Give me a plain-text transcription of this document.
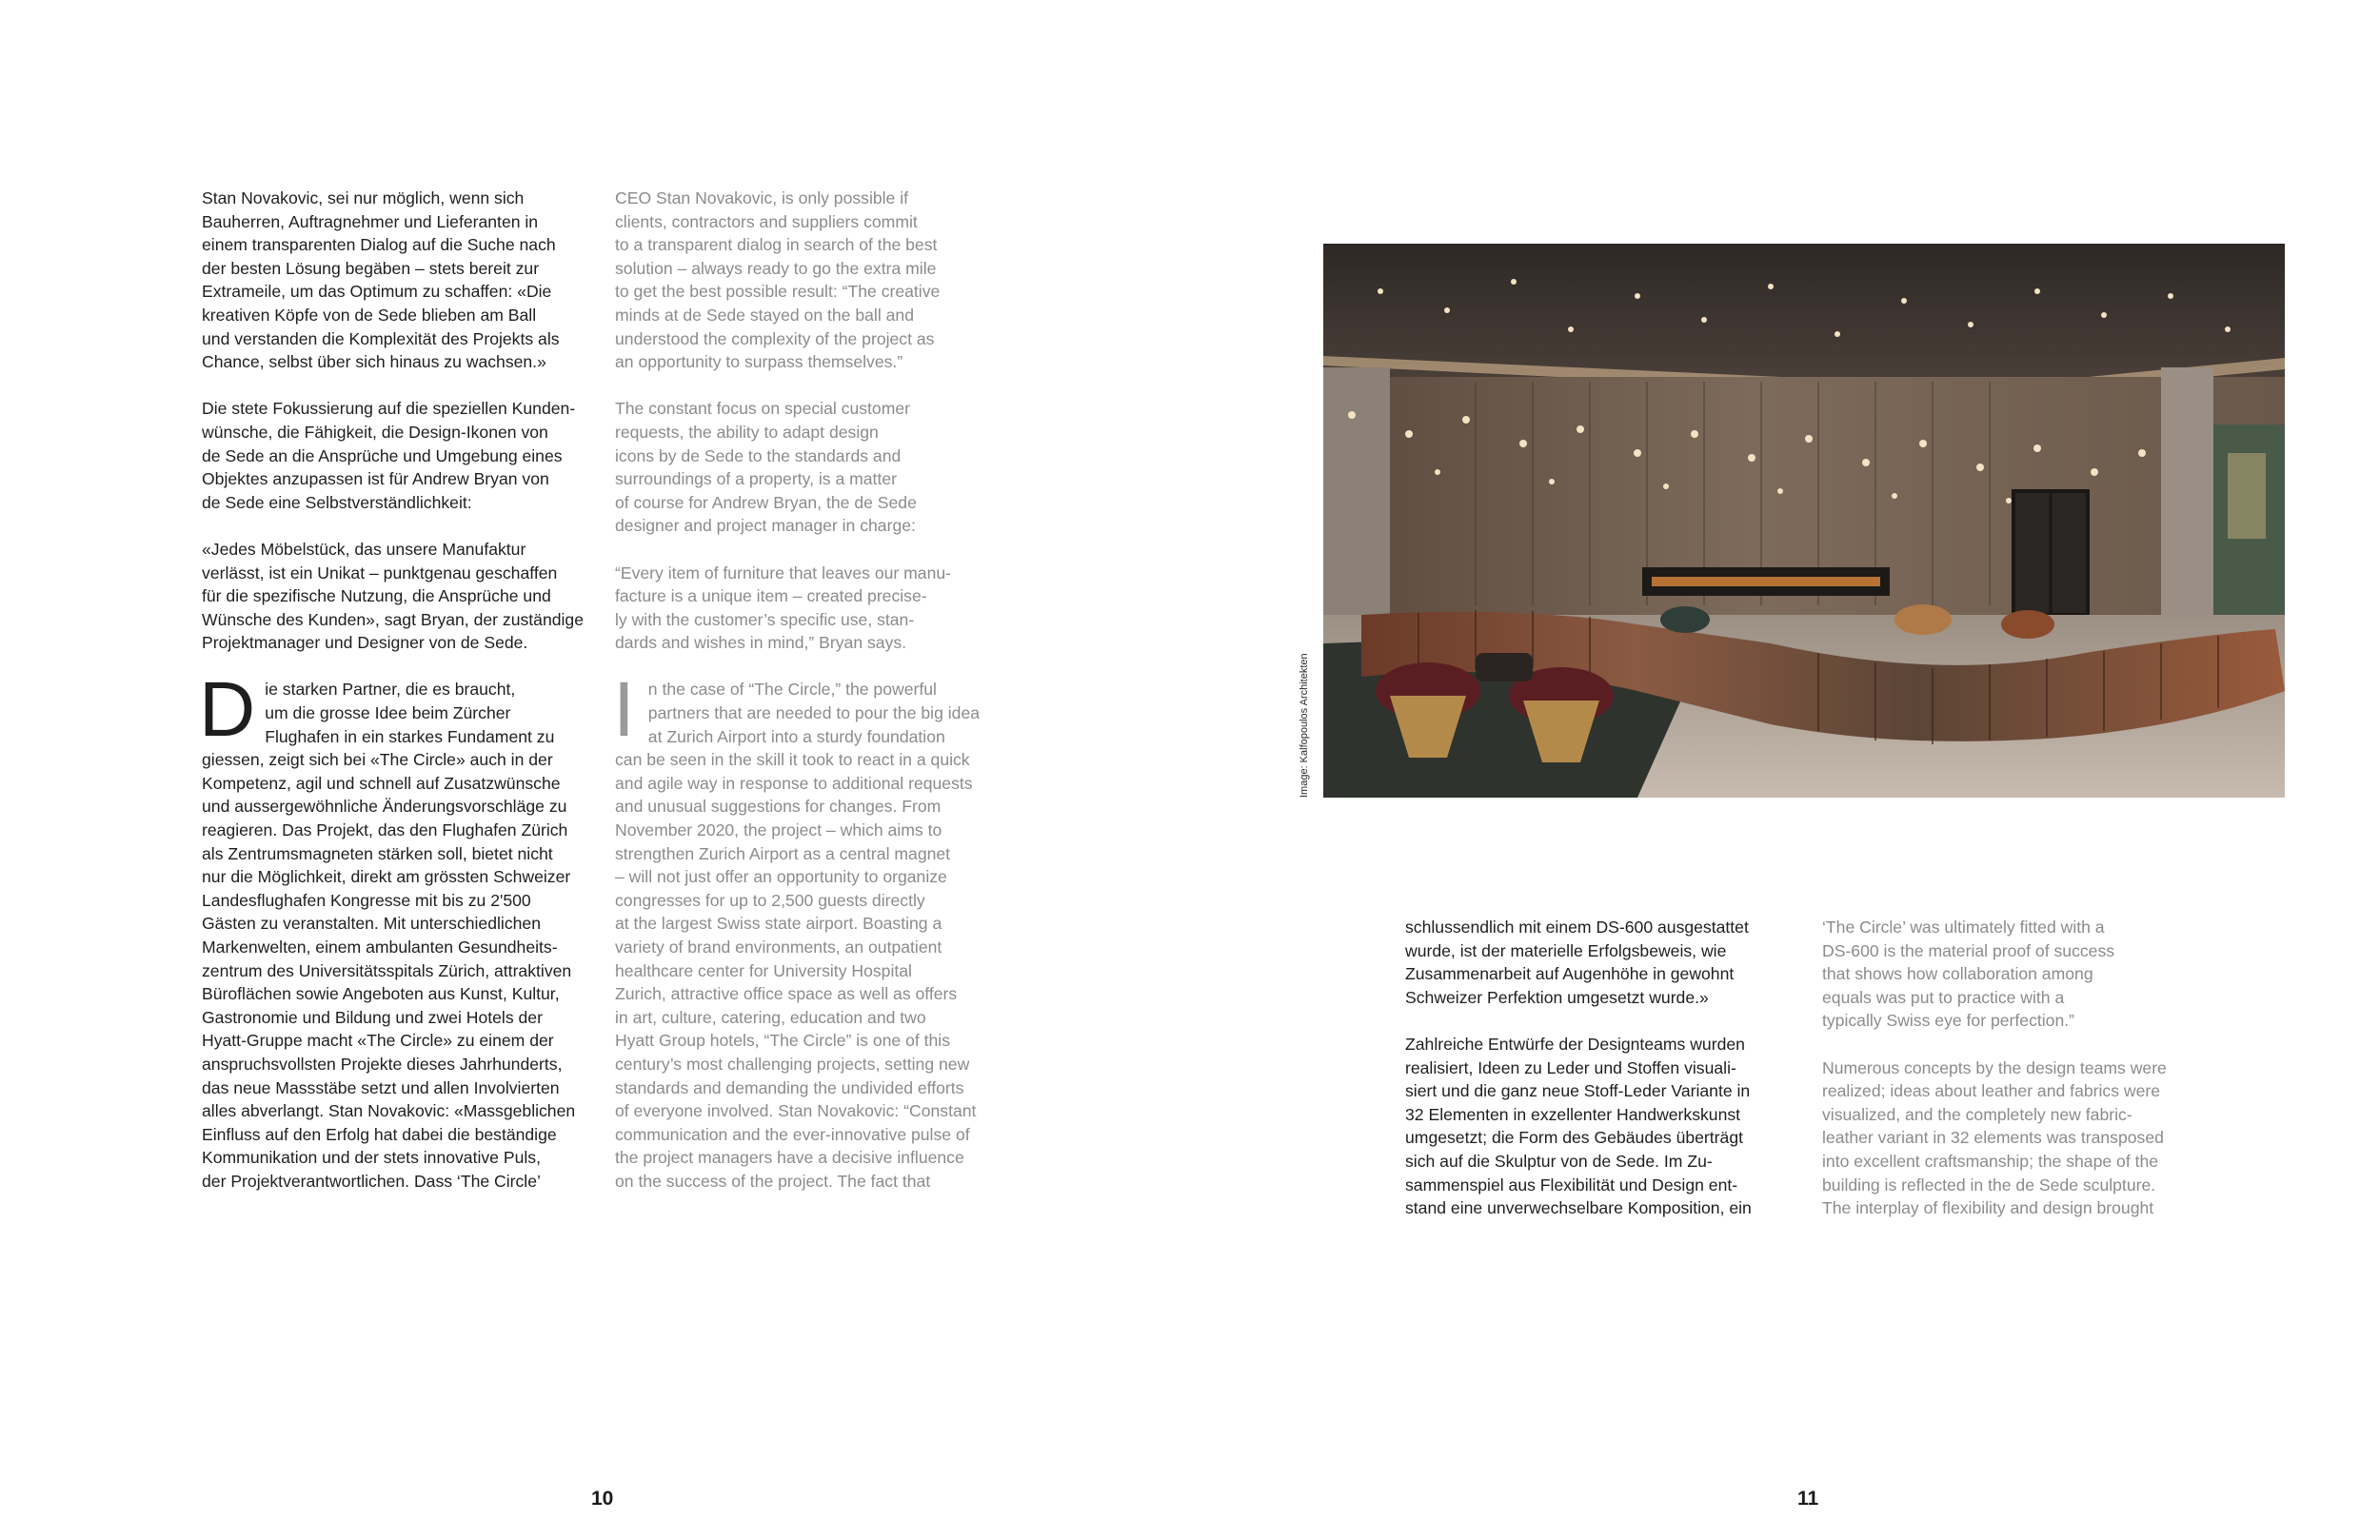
Stan Novakovic, sei nur möglich, wenn sich
Bauherren, Auftragnehmer und Lieferanten in
einem transparenten Dialog auf die Suche nach
der besten Lösung begäben – stets bereit zur
Extrameile, um das Optimum zu schaffen: «Die
kreativen Köpfe von de Sede blieben am Ball
und verstanden die Komplexität des Projekts als
Chance, selbst über sich hinaus zu wachsen.»

Die stete Fokussierung auf die speziellen Kunden-
wünsche, die Fähigkeit, die Design-Ikonen von
de Sede an die Ansprüche und Umgebung eines
Objektes anzupassen ist für Andrew Bryan von
de Sede eine Selbstverständlichkeit:

«Jedes Möbelstück, das unsere Manufaktur
verlässt, ist ein Unikat – punktgenau geschaffen
für die spezifische Nutzung, die Ansprüche und
Wünsche des Kunden», sagt Bryan, der zuständige
Projektmanager und Designer von de Sede.

D ie starken Partner, die es braucht,
um die grosse Idee beim Zürcher
Flughafen in ein starkes Fundament zu
giessen, zeigt sich bei «The Circle» auch in der
Kompetenz, agil und schnell auf Zusatzwünsche
und aussergewöhnliche Änderungsvorschläge zu
reagieren. Das Projekt, das den Flughafen Zürich
als Zentrumsmagneten stärken soll, bietet nicht
nur die Möglichkeit, direkt am grössten Schweizer
Landesflughafen Kongresse mit bis zu 2'500
Gästen zu veranstalten. Mit unterschiedlichen
Markenwelten, einem ambulanten Gesundheits-
zentrum des Universitätsspitals Zürich, attraktiven
Büroflächen sowie Angeboten aus Kunst, Kultur,
Gastronomie und Bildung und zwei Hotels der
Hyatt-Gruppe macht «The Circle» zu einem der
anspruchsvollsten Projekte dieses Jahrhunderts,
das neue Massstäbe setzt und allen Involvierten
alles abverlangt. Stan Novakovic: «Massgeblichen
Einfluss auf den Erfolg hat dabei die beständige
Kommunikation und der stets innovative Puls,
der Projektverantwortlichen. Dass ‘The Circle’

CEO Stan Novakovic, is only possible if
clients, contractors and suppliers commit
to a transparent dialog in search of the best
solution – always ready to go the extra mile
to get the best possible result: “The creative
minds at de Sede stayed on the ball and
understood the complexity of the project as
an opportunity to surpass themselves.”

The constant focus on special customer
requests, the ability to adapt design
icons by de Sede to the standards and
surroundings of a property, is a matter
of course for Andrew Bryan, the de Sede
designer and project manager in charge:

“Every item of furniture that leaves our manu-
facture is a unique item – created precise-
ly with the customer’s specific use, stan-
dards and wishes in mind,” Bryan says.

I n the case of “The Circle,” the powerful
partners that are needed to pour the big idea
at Zurich Airport into a sturdy foundation
can be seen in the skill it took to react in a quick
and agile way in response to additional requests
and unusual suggestions for changes. From
November 2020, the project – which aims to
strengthen Zurich Airport as a central magnet
– will not just offer an opportunity to organize
congresses for up to 2,500 guests directly
at the largest Swiss state airport. Boasting a
variety of brand environments, an outpatient
healthcare center for University Hospital
Zurich, attractive office space as well as offers
in art, culture, catering, education and two
Hyatt Group hotels, “The Circle” is one of this
century’s most challenging projects, setting new
standards and demanding the undivided efforts
of everyone involved. Stan Novakovic: “Constant
communication and the ever-innovative pulse of
the project managers have a decisive influence
on the success of the project. The fact that

10
Image: Kalfopoulos Architekten

schlussendlich mit einem DS-600 ausgestattet
wurde, ist der materielle Erfolgsbeweis, wie
Zusammenarbeit auf Augenhöhe in gewohnt
Schweizer Perfektion umgesetzt wurde.»

Zahlreiche Entwürfe der Designteams wurden
realisiert, Ideen zu Leder und Stoffen visuali-
siert und die ganz neue Stoff-Leder Variante in
32 Elementen in exzellenter Handwerkskunst
umgesetzt; die Form des Gebäudes überträgt
sich auf die Skulptur von de Sede. Im Zu-
sammenspiel aus Flexibilität und Design ent-
stand eine unverwechselbare Komposition, ein

‘The Circle’ was ultimately fitted with a
DS-600 is the material proof of success
that shows how collaboration among
equals was put to practice with a
typically Swiss eye for perfection.”

Numerous concepts by the design teams were
realized; ideas about leather and fabrics were
visualized, and the completely new fabric-
leather variant in 32 elements was transposed
into excellent craftsmanship; the shape of the
building is reflected in the de Sede sculpture.
The interplay of flexibility and design brought

11
